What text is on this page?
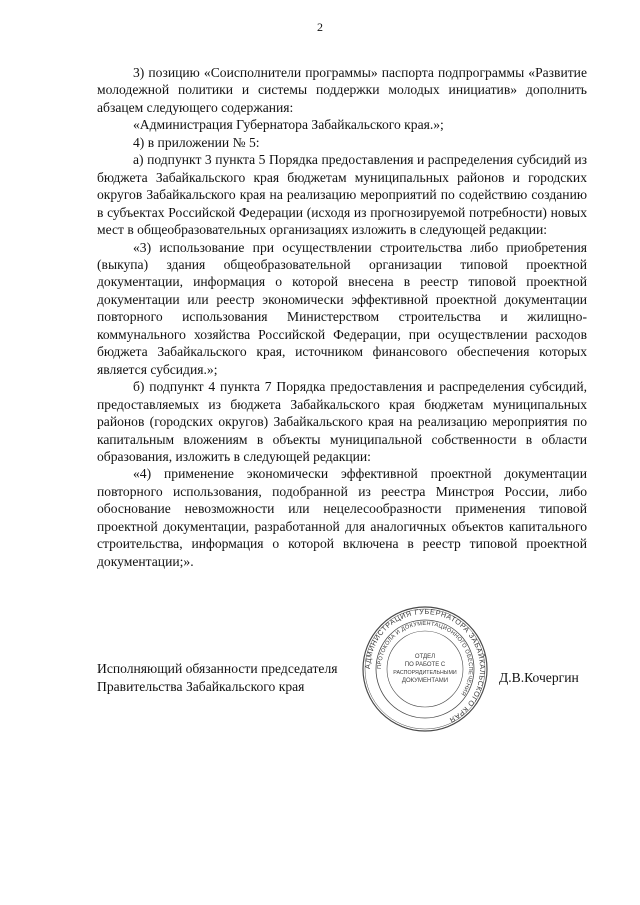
2

3) позицию «Соисполнители программы» паспорта подпрограммы «Развитие молодежной политики и системы поддержки молодых инициатив» дополнить абзацем следующего содержания:

«Администрация Губернатора Забайкальского края.»;

4) в приложении № 5:

а) подпункт 3 пункта 5 Порядка предоставления и распределения субсидий из бюджета Забайкальского края бюджетам муниципальных районов и городских округов Забайкальского края на реализацию мероприятий по содействию созданию в субъектах Российской Федерации (исходя из прогнозируемой потребности) новых мест в общеобразовательных организациях изложить в следующей редакции:

«3) использование при осуществлении строительства либо приобретения (выкупа) здания общеобразовательной организации типовой проектной документации, информация о которой внесена в реестр типовой проектной документации или реестр экономически эффективной проектной документации повторного использования Министерством строительства и жилищно-коммунального хозяйства Российской Федерации, при осуществлении расходов бюджета Забайкальского края, источником финансового обеспечения которых является субсидия.»;

б) подпункт 4 пункта 7 Порядка предоставления и распределения субсидий, предоставляемых из бюджета Забайкальского края бюджетам муниципальных районов (городских округов) Забайкальского края на реализацию мероприятия по капитальным вложениям в объекты муниципальной собственности в области образования, изложить в следующей редакции:

«4) применение экономически эффективной проектной документации повторного использования, подобранной из реестра Минстроя России, либо обоснование невозможности или нецелесообразности применения типовой проектной документации, разработанной для аналогичных объектов капитального строительства, информация о которой включена в реестр типовой проектной документации;».

Исполняющий обязанности председателя
Правительства Забайкальского края
АДМИНИСТРАЦИЯ ГУБЕРНАТОРА ЗАБАЙКАЛЬСКОГО КРАЯ
ПРОТОКОЛА И ДОКУМЕНТАЦИОННОГО ОБЕСПЕЧЕНИЯ
ОТДЕЛ
ПО РАБОТЕ С
РАСПОРЯДИТЕЛЬНЫМИ
ДОКУМЕНТАМИ	Д.В.Кочергин
